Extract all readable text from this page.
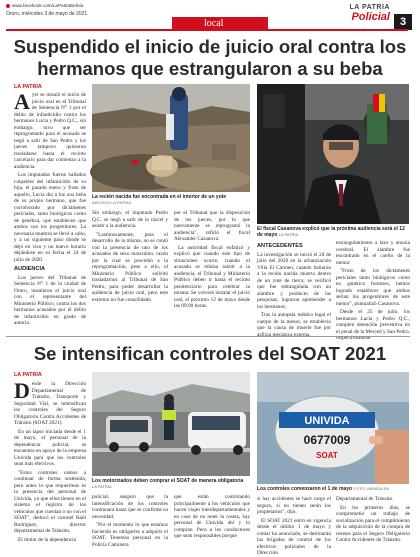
www.facebook.com/LaPatriaBolivia
Oruro, miércoles 3 de mayo de 2021
local
LA PATRIA
Policial 3
Suspendido el inicio de juicio oral contra los
hermanos que estrangularon a su beba
LA PATRIA

Ayer se instaló el inicio de juicio oral en el Tribunal de Sentencia N° 1 por el delito de infanticidio contra los hermanos Lucía y Pedro Q.C., sin embargo, tuvo que ser reprogramado para el acusado se negó a salir de San Pedro y los jueces tampoco quisieron trasladarse hasta el recinto carcelario para dar comienzo a la audiencia.

Los imputados fueron hallados culpables del infanticidio de su hija, el pasado enero y fruto de aquello, Lucía dio a luz una beba de su propio hermano, que fue corroborado por dictámenes periciales, tanto biológicos como de genética, que establecen que ambos son los progenitores. La necesaria muestra se llevó a cabo, y a un siguiente paso donde se dejó en viso y un nuevo horario dejándose en su fecha el 24 de julio de 2020.

AUDIENCIA

Los jueces del Tribunal de Sentencia N° 1 de la ciudad de Oruro, instalaron el juicio oral con el representante del Ministerio Público, contra los dos hermanos acusados por el delito de infanticidio en grado de autoría.

La recién nacida fue encontrada en el interior de un yute
ARCHIVO LA PATRIA

Sin embargo, el imputado Pedro Q.C. se negó a salir de la cárcel y asistir a la audiencia.

"Lastimosamente, para el desarrollo de la misma, no se contó con la presencia de uno de los acusados de sexo masculino, razón por la cual se procedió a la reprogramación, pese a ello, el Ministerio Público solicitó trasladarnos al Tribunal de San Pedro, para poder desarrollar la audiencia de juicio oral, pero este extremo no fue consolidado

por el Tribunal que la disposición de los jueces, por lo que nuevamente se reprogramó la audiencia", refirió el fiscal Alexander Casanova.

La autoridad fiscal enfatizó y explicó que cuando este tipo de situaciones ocurre, cuando el acusado se rehúsa asistir a la audiencia, el Tribunal y Ministerio Público deben ir hasta el recinto penitenciario para celebrar la misma. Se volverá instalar el juicio oral, el próximo 12 de mayo desde las 09:00 horas.

El fiscal Casanova explicó que la próxima audiencia será el 12 de mayo LA PATRIA

ANTECEDENTES

La investigación se inició el 24 de julio del 2020 en la urbanización Villa El Carmen, cuando hallaron a la recién nacida muerta dentro de un yute de tierra; se verificó que fue estrangulada con un alambre y producto de las pesquisas, lograron aprehender a los hermanos.

Tras la autopsia médico legal el cuerpo de la menor, se estableció que la causa de muerte fue por asfixia mecánica externa,

estrangulamiento a lazo y anoxia cerebral. El alambre fue encontrado en el cuello de la menor.

"Fruto de los dictámenes periciales tanto biológicos como en genética forenses, hemos logrado establecer que ambos serían los progenitores de este menor", puntualizó Casanova.

Desde el 25 de julio, los hermanos Lucía y Pedro Q.C., cumplen detención preventiva en el penal de la Merced y San Pedro, respectivamente.

Se intensifican controles del SOAT 2021
LA PATRIA

Desde la Dirección Departamental de Tránsito, Transporte y Seguridad Vial, se intensifican los controles del Seguro Obligatorio Contra Accidentes de Tránsito (SOAT 2021).

En un lapso iniciada desde el 1 de mayo, el personal de la dependencia policial, se encuentra en apoyo de la empresa Univida para que los controles sean más efectivos.

"Estos controles vamos a continuar de forma sostenida, pero antes lo que requerimos es la presencia del personal de Univida, ya que ellos tienen en el sistema el registro de los vehículos que cuentan o no con el SOAT", deducó el coronel Raúl Rodríguez, director departamental de Tránsito.

El titular de la dependencia

Los motorizados deben comprar el SOAT de manera obligatoria
LA PATRIA

policial, aseguró que la intensificación de los controles continuará hasta que se confirme su necesidad.

"Por el momento lo que estamos haciendo es obligarles a adquirir el SOAT. Tenemos personal en la Policía Caminera

que están controlando principalmente a los vehículos que hacen viajes interdepartamentales y en caso de no tener la roseta, hay personal de Univida ahí y lo compran. Pero a los conductores que sean responsables porque

UNIVIDA
0677009
SOAT
Los controles comenzaron el 1 de mayo FOTO: UNIVIDA SA

si hay accidentes se hace cargo el seguro, si no tienen serán los propietarios", dijo.

El SOAT 2021 entró en vigencia desde el último 1 de mayo y contar ha anunciado, se destinarán las brigadas de control de los efectivos policiales de la Dirección

Departamental de Tránsito.

En los primeros días, se comprometió un trabajo de socialización para el cumplimiento de la adquisición de la compra de rosetas para el Seguro Obligatorio Contra Accidentes de Tránsito.
